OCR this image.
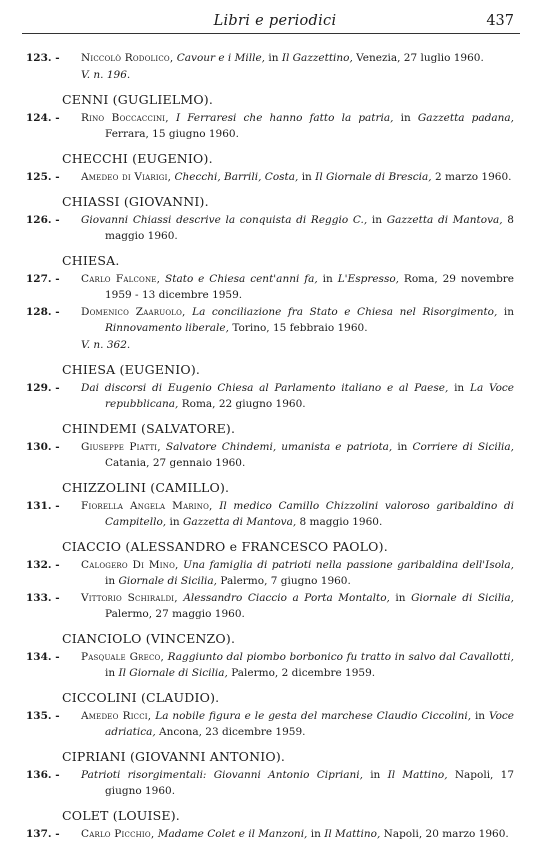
Libri e periodici	437
123. - Niccolò Rodolico, Cavour e i Mille, in Il Gazzettino, Venezia, 27 luglio 1960.
V. n. 196.
CENNI (GUGLIELMO).
124. - Rino Boccaccini, I Ferraresi che hanno fatto la patria, in Gazzetta padana, Ferrara, 15 giugno 1960.
CHECCHI (EUGENIO).
125. - Amedeo di Viarigi, Checchi, Barrili, Costa, in Il Giornale di Brescia, 2 marzo 1960.
CHIASSI (GIOVANNI).
126. - Giovanni Chiassi descrive la conquista di Reggio C., in Gazzetta di Mantova, 8 maggio 1960.
CHIESA.
127. - Carlo Falcone, Stato e Chiesa cent'anni fa, in L'Espresso, Roma, 29 novembre 1959 - 13 dicembre 1959.
128. - Domenico Zaaruolo, La conciliazione fra Stato e Chiesa nel Risorgimento, in Rinnovamento liberale, Torino, 15 febbraio 1960.
V. n. 362.
CHIESA (EUGENIO).
129. - Dai discorsi di Eugenio Chiesa al Parlamento italiano e al Paese, in La Voce repubblicana, Roma, 22 giugno 1960.
CHINDEMI (SALVATORE).
130. - Giuseppe Piatti, Salvatore Chindemi, umanista e patriota, in Corriere di Sicilia, Catania, 27 gennaio 1960.
CHIZZOLINI (CAMILLO).
131. - Fiorella Angela Marino, Il medico Camillo Chizzolini valoroso garibaldino di Campitello, in Gazzetta di Mantova, 8 maggio 1960.
CIACCIO (ALESSANDRO e FRANCESCO PAOLO).
132. - Calogero Di Mino, Una famiglia di patrioti nella passione garibaldina dell'Isola, in Giornale di Sicilia, Palermo, 7 giugno 1960.
133. - Vittorio Schiraldi, Alessandro Ciaccio a Porta Montalto, in Giornale di Sicilia, Palermo, 27 maggio 1960.
CIANCIOLO (VINCENZO).
134. - Pasquale Greco, Raggiunto dal piombo borbonico fu tratto in salvo dal Cavallotti, in Il Giornale di Sicilia, Palermo, 2 dicembre 1959.
CICCOLINI (CLAUDIO).
135. - Amedeo Ricci, La nobile figura e le gesta del marchese Claudio Ciccolini, in Voce adriatica, Ancona, 23 dicembre 1959.
CIPRIANI (GIOVANNI ANTONIO).
136. - Patrioti risorgimentali: Giovanni Antonio Cipriani, in Il Mattino, Napoli, 17 giugno 1960.
COLET (LOUISE).
137. - Carlo Picchio, Madame Colet e il Manzoni, in Il Mattino, Napoli, 20 marzo 1960.
